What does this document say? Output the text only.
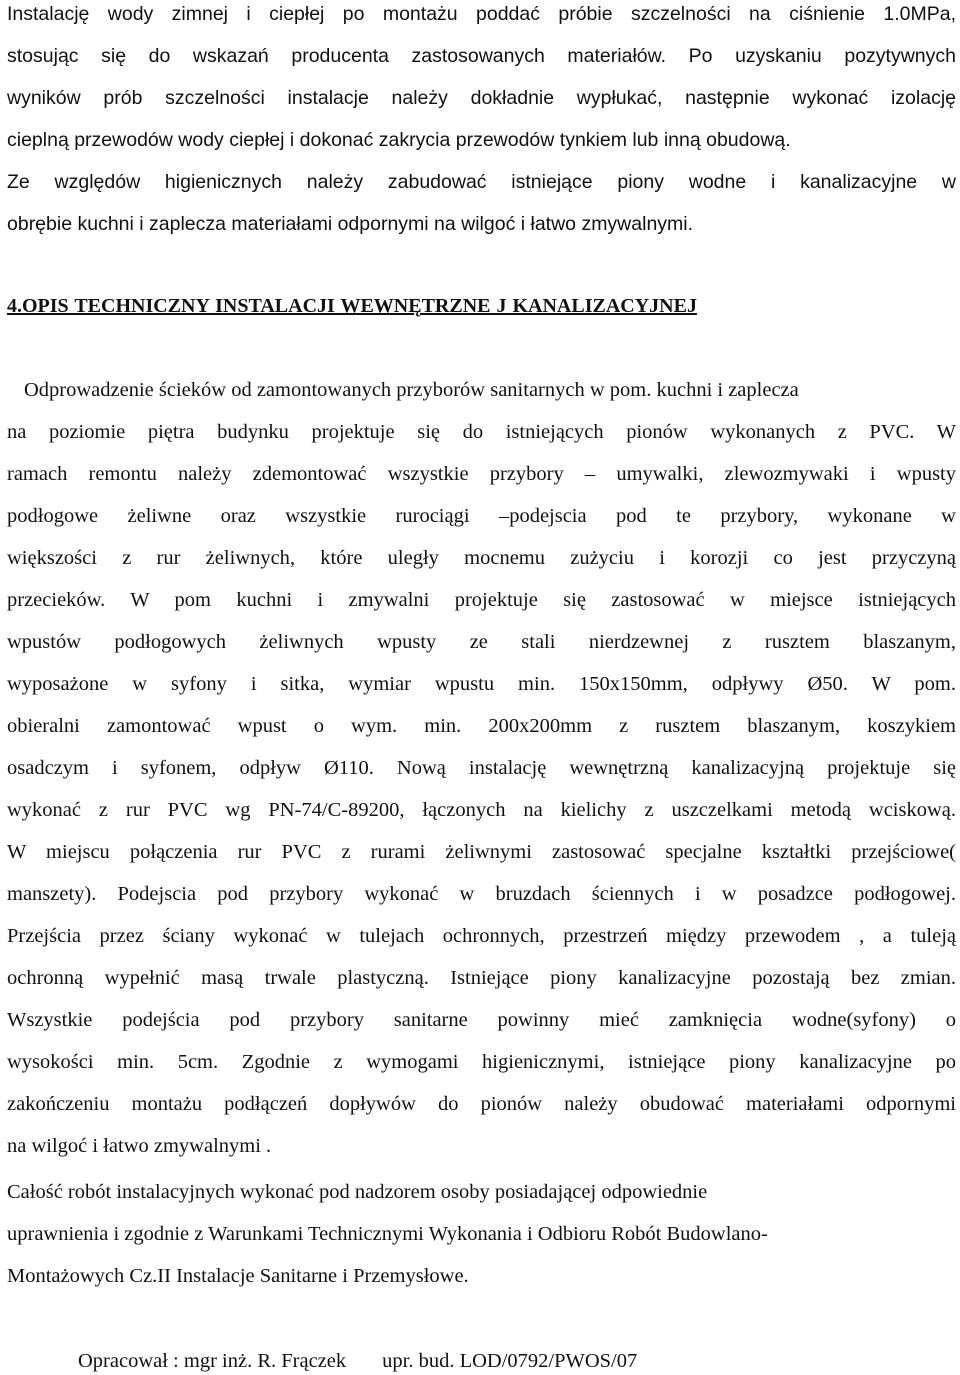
Instalację wody zimnej i ciepłej po montażu poddać próbie szczelności na ciśnienie 1.0MPa,
stosując się do wskazań producenta zastosowanych materiałów. Po uzyskaniu pozytywnych
wyników prób szczelności instalacje należy dokładnie wypłukać, następnie wykonać izolację
cieplną przewodów wody ciepłej i dokonać zakrycia przewodów tynkiem lub inną obudową.
Ze względów higienicznych należy zabudować istniejące piony wodne i kanalizacyjne w
obrębie kuchni i zaplecza materiałami odpornymi na wilgoć i łatwo zmywalnymi.
4.OPIS TECHNICZNY INSTALACJI WEWNĘTRZNE J KANALIZACYJNEJ
Odprowadzenie ścieków od zamontowanych przyborów sanitarnych w pom. kuchni i zaplecza
na poziomie piętra budynku projektuje się do istniejących pionów wykonanych z PVC. W
ramach remontu należy zdemontować wszystkie przybory – umywalki, zlewozmywaki i wpusty
podłogowe żeliwne oraz wszystkie rurociągi –podejscia pod te przybory, wykonane w
większości z rur żeliwnych, które uległy mocnemu zużyciu i korozji co jest przyczyną
przecieków. W pom kuchni i zmywalni projektuje się zastosować w miejsce istniejących
wpustów podłogowych żeliwnych wpusty ze stali nierdzewnej z rusztem blaszanym,
wyposażone w syfony i sitka, wymiar wpustu min. 150x150mm, odpływy Ø50. W pom.
obieralni zamontować wpust o wym. min. 200x200mm z rusztem blaszanym, koszykiem
osadczym i syfonem, odpływ Ø110. Nową instalację wewnętrzną kanalizacyjną projektuje się
wykonać z rur PVC wg PN-74/C-89200, łączonych na kielichy z uszczelkami metodą wciskową.
W miejscu połączenia rur PVC z rurami żeliwnymi zastosować specjalne kształtki przejściowe(
manszety). Podejscia pod przybory wykonać w bruzdach ściennych i w posadzce podłogowej.
Przejścia przez ściany wykonać w tulejach ochronnych, przestrzeń między przewodem , a tuleją
ochronną wypełnić masą trwale plastyczną. Istniejące piony kanalizacyjne pozostają bez zmian.
Wszystkie podejścia pod przybory sanitarne powinny mieć zamknięcia wodne(syfony) o
wysokości min. 5cm. Zgodnie z wymogami higienicznymi, istniejące piony kanalizacyjne po
zakończeniu montażu podłączeń dopływów do pionów należy obudować materiałami odpornymi
na wilgoć i łatwo zmywalnymi .
Całość robót instalacyjnych wykonać pod nadzorem osoby posiadającej odpowiednie
uprawnienia i zgodnie z Warunkami Technicznymi Wykonania i Odbioru Robót Budowlano-
Montażowych Cz.II Instalacje Sanitarne i Przemysłowe.
Opracował : mgr inż. R. Frączek upr. bud. LOD/0792/PWOS/07
